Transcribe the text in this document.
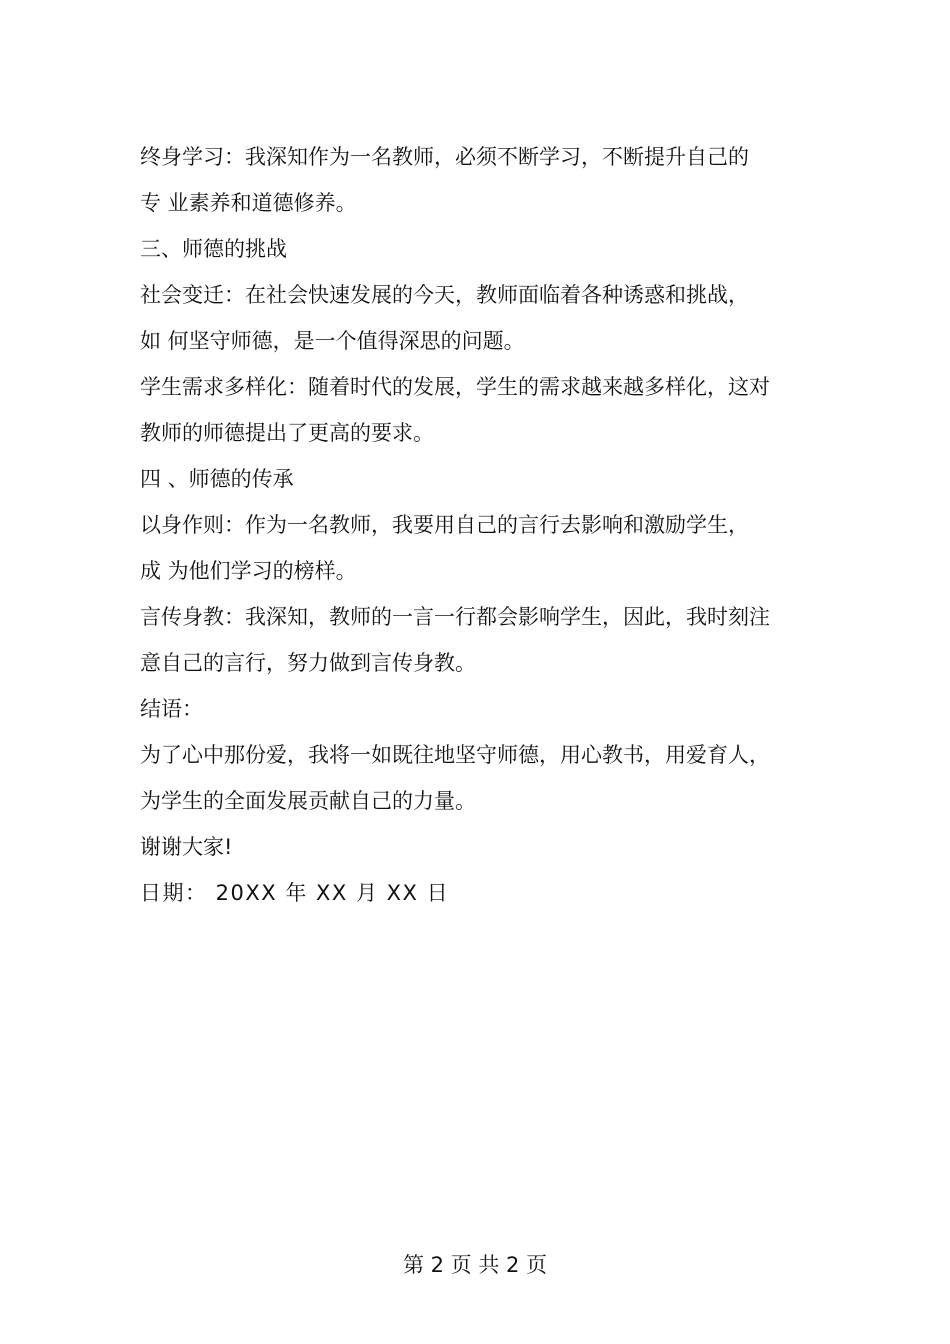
终身学习：我深知作为一名教师，必须不断学习，不断提升自己的

专 业素养和道德修养。

三、师德的挑战

社会变迁：在社会快速发展的今天，教师面临着各种诱惑和挑战，

如 何坚守师德，是一个值得深思的问题。

学生需求多样化：随着时代的发展，学生的需求越来越多样化，这对

教师的师德提出了更高的要求。

四 、师德的传承

以身作则：作为一名教师，我要用自己的言行去影响和激励学生，

成 为他们学习的榜样。

言传身教：我深知，教师的一言一行都会影响学生，因此，我时刻注

意自己的言行，努力做到言传身教。

结语：

为了心中那份爱，我将一如既往地坚守师德，用心教书，用爱育人，

为学生的全面发展贡献自己的力量。

谢谢大家!

日期： 20XX 年 XX 月 XX 日

第 2 页 共 2 页
